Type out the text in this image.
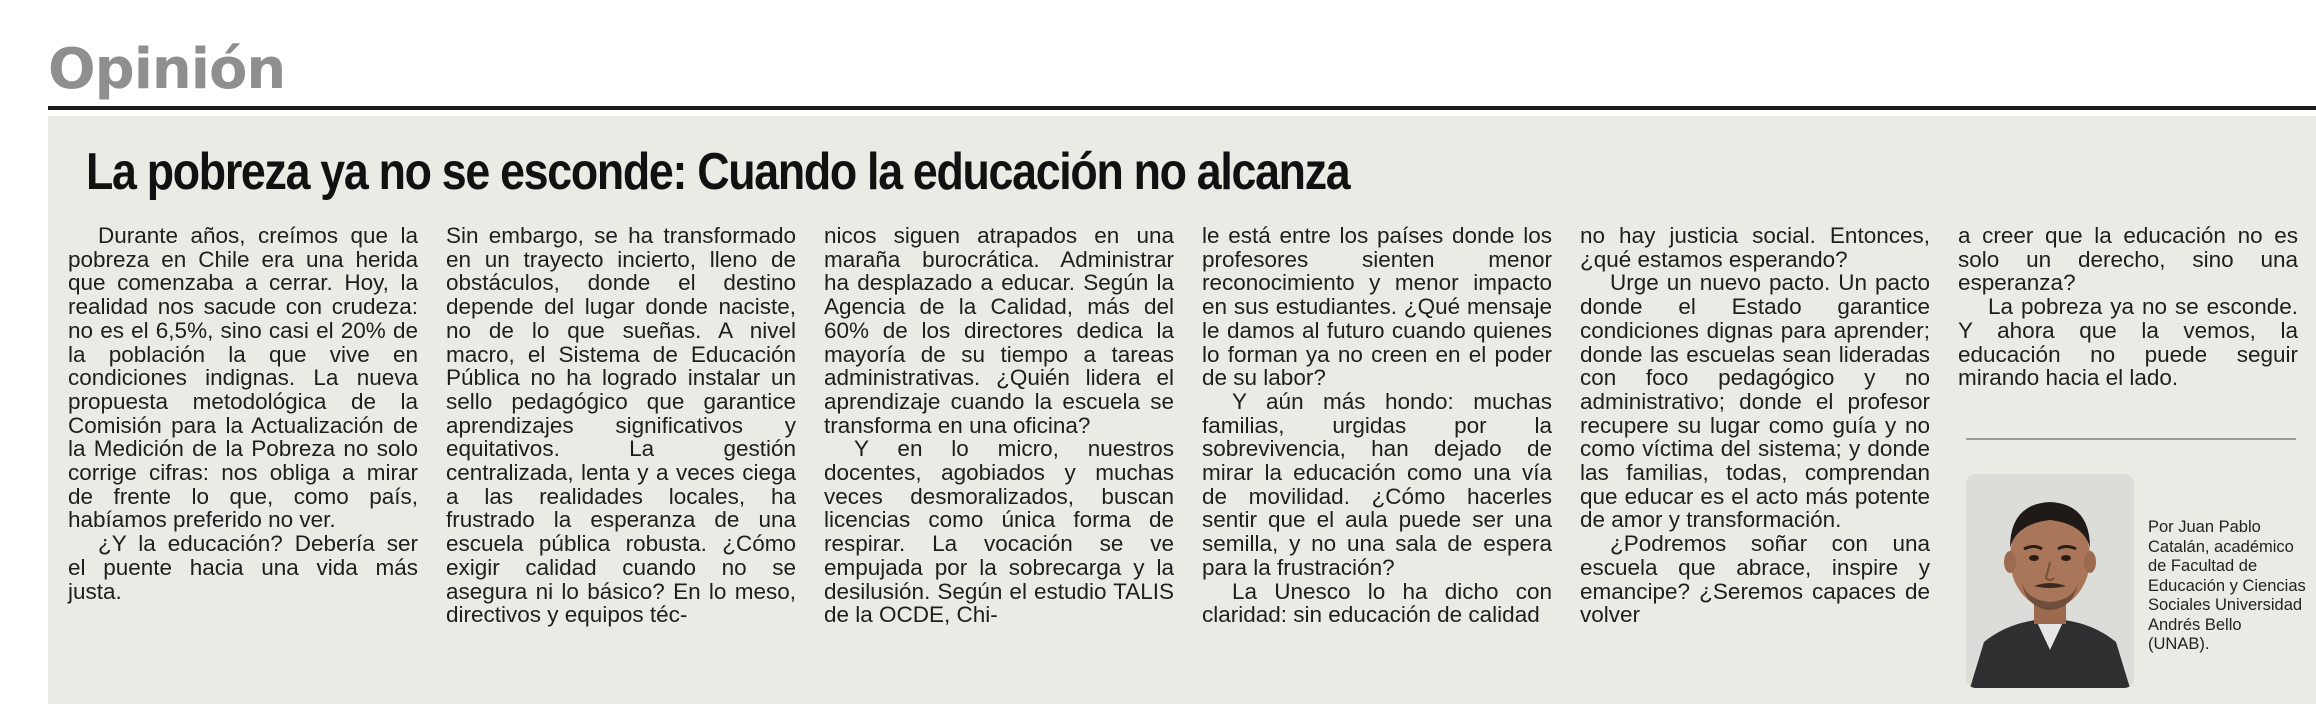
Opinión
La pobreza ya no se esconde: Cuando la educación no alcanza

Durante años, creímos que la pobreza en Chile era una herida que comenzaba a cerrar. Hoy, la realidad nos sacude con crudeza: no es el 6,5%, sino casi el 20% de la población la que vive en condiciones indignas. La nueva propuesta metodológica de la Comisión para la Actualización de la Medición de la Pobreza no solo corrige cifras: nos obliga a mirar de frente lo que, como país, habíamos preferido no ver.

¿Y la educación? Debería ser el puente hacia una vida más justa.

Sin embargo, se ha transformado en un trayecto incierto, lleno de obstáculos, donde el destino depende del lugar donde naciste, no de lo que sueñas. A nivel macro, el Sistema de Educación Pública no ha logrado instalar un sello pedagógico que garantice aprendizajes significativos y equitativos. La gestión centralizada, lenta y a veces ciega a las realidades locales, ha frustrado la esperanza de una escuela pública robusta. ¿Cómo exigir calidad cuando no se asegura ni lo básico? En lo meso, directivos y equipos téc-

nicos siguen atrapados en una maraña burocrática. Administrar ha desplazado a educar. Según la Agencia de la Calidad, más del 60% de los directores dedica la mayoría de su tiempo a tareas administrativas. ¿Quién lidera el aprendizaje cuando la escuela se transforma en una oficina?

Y en lo micro, nuestros docentes, agobiados y muchas veces desmoralizados, buscan licencias como única forma de respirar. La vocación se ve empujada por la sobrecarga y la desilusión. Según el estudio TALIS de la OCDE, Chi-

le está entre los países donde los profesores sienten menor reconocimiento y menor impacto en sus estudiantes. ¿Qué mensaje le damos al futuro cuando quienes lo forman ya no creen en el poder de su labor?

Y aún más hondo: muchas familias, urgidas por la sobrevivencia, han dejado de mirar la educación como una vía de movilidad. ¿Cómo hacerles sentir que el aula puede ser una semilla, y no una sala de espera para la frustración?

La Unesco lo ha dicho con claridad: sin educación de calidad

no hay justicia social. Entonces, ¿qué estamos esperando?

Urge un nuevo pacto. Un pacto donde el Estado garantice condiciones dignas para aprender; donde las escuelas sean lideradas con foco pedagógico y no administrativo; donde el profesor recupere su lugar como guía y no como víctima del sistema; y donde las familias, todas, comprendan que educar es el acto más potente de amor y transformación.

¿Podremos soñar con una escuela que abrace, inspire y emancipe? ¿Seremos capaces de volver

a creer que la educación no es solo un derecho, sino una esperanza?

La pobreza ya no se esconde. Y ahora que la vemos, la educación no puede seguir mirando hacia el lado.

Por Juan Pablo
Catalán, académico
de Facultad de
Educación y Ciencias
Sociales Universidad
Andrés Bello
(UNAB).
